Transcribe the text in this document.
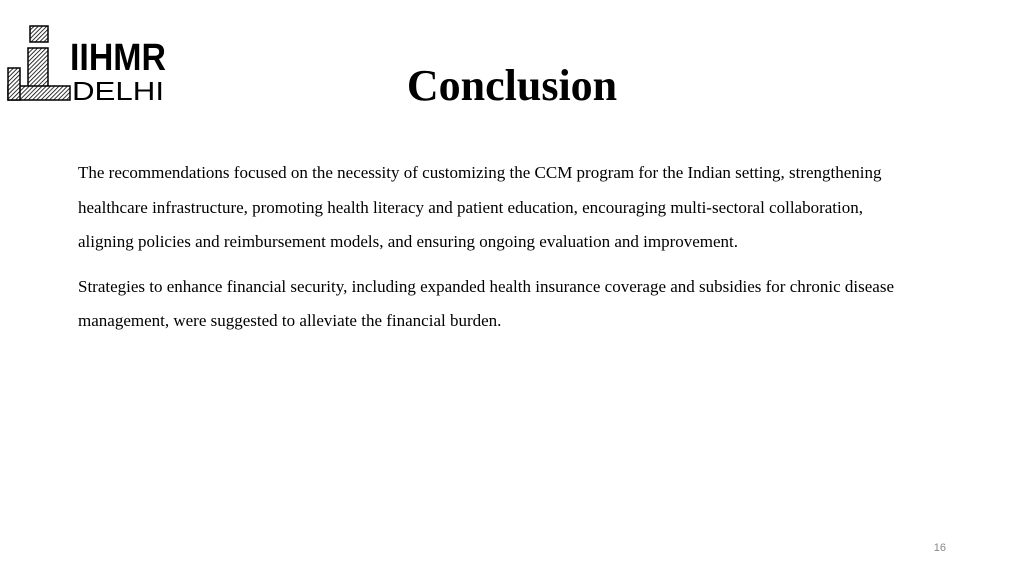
IIHMR
DELHI	Conclusion

The recommendations focused on the necessity of customizing the CCM program for the Indian setting, strengthening healthcare infrastructure, promoting health literacy and patient education, encouraging multi-sectoral collaboration, aligning policies and reimbursement models, and ensuring ongoing evaluation and improvement.

Strategies to enhance financial security, including expanded health insurance coverage and subsidies for chronic disease management, were suggested to alleviate the financial burden.

16
